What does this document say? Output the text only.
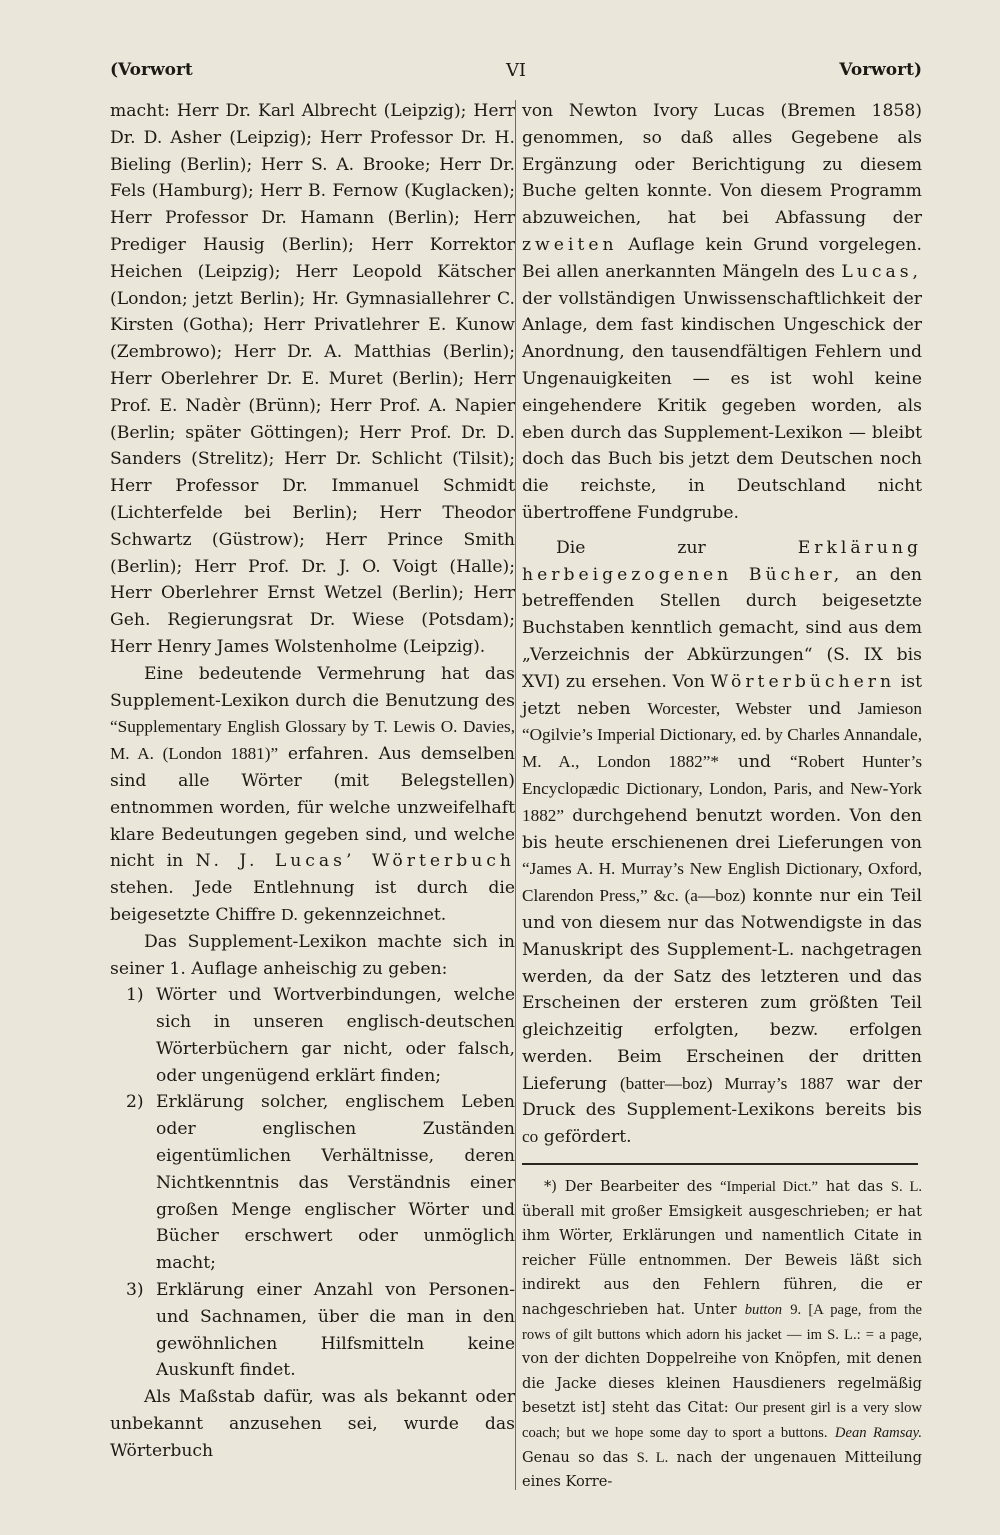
(Vorwort	VI	Vorwort)

macht: Herr Dr. Karl Albrecht (Leipzig); Herr Dr. D. Asher (Leipzig); Herr Professor Dr. H. Bieling (Berlin); Herr S. A. Brooke; Herr Dr. Fels (Hamburg); Herr B. Fernow (Kuglacken); Herr Professor Dr. Hamann (Berlin); Herr Prediger Hausig (Berlin); Herr Korrektor Heichen (Leipzig); Herr Leopold Kätscher (London; jetzt Berlin); Hr. Gymnasiallehrer C. Kirsten (Gotha); Herr Privatlehrer E. Kunow (Zembrowo); Herr Dr. A. Matthias (Berlin); Herr Oberlehrer Dr. E. Muret (Berlin); Herr Prof. E. Nadèr (Brünn); Herr Prof. A. Napier (Berlin; später Göttingen); Herr Prof. Dr. D. Sanders (Strelitz); Herr Dr. Schlicht (Tilsit); Herr Professor Dr. Immanuel Schmidt (Lichterfelde bei Berlin); Herr Theodor Schwartz (Güstrow); Herr Prince Smith (Berlin); Herr Prof. Dr. J. O. Voigt (Halle); Herr Oberlehrer Ernst Wetzel (Berlin); Herr Geh. Regierungsrat Dr. Wiese (Potsdam); Herr Henry James Wolstenholme (Leipzig).

Eine bedeutende Vermehrung hat das Supplement-Lexikon durch die Benutzung des “Supplementary English Glossary by T. Lewis O. Davies, M. A. (London 1881)” erfahren. Aus demselben sind alle Wörter (mit Belegstellen) entnommen worden, für welche unzweifelhaft klare Bedeutungen gegeben sind, und welche nicht in N. J. Lucas’ Wörterbuch stehen. Jede Entlehnung ist durch die beigesetzte Chiffre D. gekennzeichnet.

Das Supplement-Lexikon machte sich in seiner 1. Auflage anheischig zu geben:

1) Wörter und Wortverbindungen, welche sich in unseren englisch-deutschen Wörterbüchern gar nicht, oder falsch, oder ungenügend erklärt finden;
2) Erklärung solcher, englischem Leben oder englischen Zuständen eigentümlichen Verhältnisse, deren Nichtkenntnis das Verständnis einer großen Menge englischer Wörter und Bücher erschwert oder unmöglich macht;
3) Erklärung einer Anzahl von Personen- und Sachnamen, über die man in den gewöhnlichen Hilfsmitteln keine Auskunft findet.

Als Maßstab dafür, was als bekannt oder unbekannt anzusehen sei, wurde das Wörterbuch

von Newton Ivory Lucas (Bremen 1858) genommen, so daß alles Gegebene als Ergänzung oder Berichtigung zu diesem Buche gelten konnte. Von diesem Programm abzuweichen, hat bei Abfassung der zweiten Auflage kein Grund vorgelegen. Bei allen anerkannten Mängeln des Lucas, der vollständigen Unwissenschaftlichkeit der Anlage, dem fast kindischen Ungeschick der Anordnung, den tausendfältigen Fehlern und Ungenauigkeiten — es ist wohl keine eingehendere Kritik gegeben worden, als eben durch das Supplement-Lexikon — bleibt doch das Buch bis jetzt dem Deutschen noch die reichste, in Deutschland nicht übertroffene Fundgrube.

Die zur	Erklärung herbeigezogenen Bücher, an den betreffenden Stellen durch beigesetzte Buchstaben kenntlich gemacht, sind aus dem „Verzeichnis der Abkürzungen“ (S. IX bis XVI) zu ersehen. Von Wörterbüchern ist jetzt neben Worcester, Webster und Jamieson “Ogilvie’s Imperial Dictionary, ed. by Charles Annandale, M. A., London 1882”* und “Robert Hunter’s Encyclopædic Dictionary, London, Paris, and New-York 1882” durchgehend benutzt worden. Von den bis heute erschienenen drei Lieferungen von “James A. H. Murray’s New English Dictionary, Oxford, Clarendon Press,” &c. (a—boz) konnte nur ein Teil und von diesem nur das Notwendigste in das Manuskript des Supplement-L. nachgetragen werden, da der Satz des letzteren und das Erscheinen der ersteren zum größten Teil gleichzeitig erfolgten, bezw. erfolgen werden. Beim Erscheinen der dritten Lieferung (batter—boz) Murray’s 1887 war der Druck des Supplement-Lexikons bereits bis co gefördert.

*) Der Bearbeiter des “Imperial Dict.” hat das S. L. überall mit großer Emsigkeit ausgeschrieben; er hat ihm Wörter, Erklärungen und namentlich Citate in reicher Fülle entnommen. Der Beweis läßt sich indirekt aus den Fehlern führen, die er nachgeschrieben hat. Unter button 9. [A page, from the rows of gilt buttons which adorn his jacket — im S. L.: = a page, von der dichten Doppelreihe von Knöpfen, mit denen die Jacke dieses kleinen Hausdieners regelmäßig besetzt ist] steht das Citat: Our present girl is a very slow coach; but we hope some day to sport a buttons. Dean Ramsay. Genau so das S. L. nach der ungenauen Mitteilung eines Korre-
